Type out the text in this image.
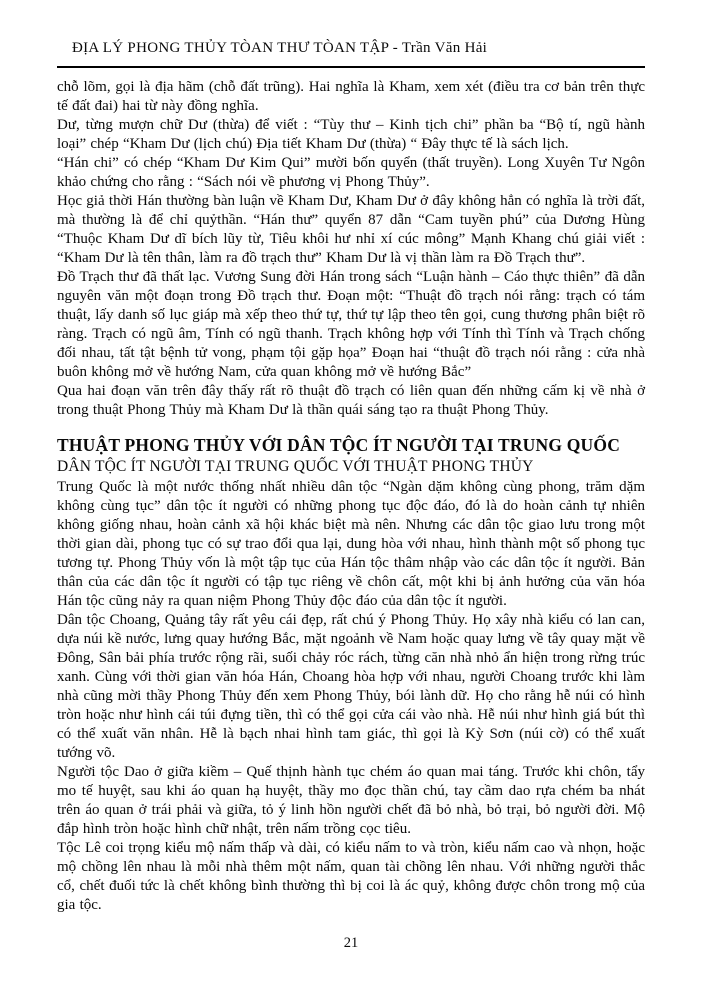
ĐỊA LÝ PHONG THỦY TÒAN THƯ TÒAN TẬP - Trần Văn Hải

chỗ lõm, gọi là địa hãm (chỗ đất trũng). Hai nghĩa là Kham, xem xét (điều tra cơ bản trên thực tế đất đai) hai từ này đồng nghĩa.

Dư, từng mượn chữ Dư (thừa) để viết : “Tùy thư – Kinh tịch chi” phần ba “Bộ tí, ngũ hành loại” chép “Kham Dư (lịch chú) Địa tiết Kham Dư (thừa) “ Đây thực tế là sách lịch.

“Hán chi” có chép “Kham Dư Kim Qui” mười bốn quyển (thất truyền). Long Xuyên Tư Ngôn khảo chứng cho rằng : “Sách nói về phương vị Phong Thủy”.

Học giả thời Hán thường bàn luận về Kham Dư, Kham Dư ở đây không hẳn có nghĩa là trời đất, mà thường là để chỉ quỷthần. “Hán thư” quyển 87 dẫn “Cam tuyền phú” của Dương Hùng “Thuộc Kham Dư dĩ bích lũy từ, Tiêu khôi hư nhỉ xí cúc mông” Mạnh Khang chú giải viết : “Kham Dư là tên thân, làm ra đồ trạch thư” Kham Dư là vị thần làm ra Đồ Trạch thư”.

Đồ Trạch thư đã thất lạc. Vương Sung đời Hán trong sách “Luận hành – Cáo thực thiên” đã dẫn nguyên văn một đoạn trong Đồ trạch thư. Đoạn một: “Thuật đồ trạch nói rằng: trạch có tám thuật, lấy danh số lục giáp mà xếp theo thứ tự, thứ tự lập theo tên gọi, cung thương phân biệt rõ ràng. Trạch có ngũ âm, Tính có ngũ thanh. Trạch không hợp với Tính thì Tính và Trạch chống đối nhau, tất tật bệnh tử vong, phạm tội gặp họa” Đoạn hai “thuật đồ trạch nói rằng : cửa nhà buôn không mở về hướng Nam, cửa quan không mở về hướng Bắc”

Qua hai đoạn văn trên đây thấy rất rõ thuật đồ trạch có liên quan đến những cấm kị về nhà ở trong thuật Phong Thủy mà Kham Dư là thần quái sáng tạo ra thuật Phong Thủy.

THUẬT PHONG THỦY VỚI DÂN TỘC ÍT NGƯỜI TẠI TRUNG QUỐC
DÂN TỘC ÍT NGƯỜI TẠI TRUNG QUỐC VỚI THUẬT PHONG THỦY

Trung Quốc là một nước thống nhất nhiều dân tộc “Ngàn dặm không cùng phong, trăm dặm không cùng tục” dân tộc ít người có những phong tục độc đáo, đó là do hoàn cảnh tự nhiên không giống nhau, hoàn cảnh xã hội khác biệt mà nên. Nhưng các dân tộc giao lưu trong một thời gian dài, phong tục có sự trao đổi qua lại, dung hòa với nhau, hình thành một số phong tục tương tự. Phong Thủy vốn là một tập tục của Hán tộc thâm nhập vào các dân tộc ít người. Bản thân của các dân tộc ít người có tập tục riêng về chôn cất, một khi bị ảnh hưởng của văn hóa Hán tộc cũng nảy ra quan niệm Phong Thủy độc đáo của dân tộc ít người.

Dân tộc Choang, Quảng tây rất yêu cái đẹp, rất chú ý Phong Thủy. Họ xây nhà kiểu có lan can, dựa núi kề nước, lưng quay hướng Bắc, mặt ngoảnh về Nam hoặc quay lưng về tây quay mặt về Đông, Sân bải phía trước rộng rãi, suối chảy róc rách, từng căn nhà nhỏ ẩn hiện trong rừng trúc xanh. Cùng với thời gian văn hóa Hán, Choang hòa hợp với nhau, người Choang trước khi làm nhà cũng mời thầy Phong Thủy đến xem Phong Thủy, bói lành dữ. Họ cho rằng hễ núi có hình tròn hoặc như hình cái túi đựng tiền, thì có thể gọi cửa cái vào nhà. Hễ núi như hình giá bút thì có thể xuất văn nhân. Hễ là bạch nhai hình tam giác, thì gọi là Kỳ Sơn (núi cờ) có thể xuất tướng võ.

Người tộc Dao ở giữa kiềm – Quế thịnh hành tục chém áo quan mai táng. Trước khi chôn, tẩy mo tế huyệt, sau khi áo quan hạ huyệt, thầy mo đọc thần chú, tay cầm dao rựa chém ba nhát trên áo quan ở trái phải và giữa, tỏ ý linh hồn người chết đã bỏ nhà, bỏ trại, bỏ người đời. Mộ đắp hình tròn hoặc hình chữ nhật, trên nấm trồng cọc tiêu.

Tộc Lê coi trọng kiểu mộ nấm thấp và dài, có kiểu nấm to và tròn, kiểu nấm cao và nhọn, hoặc mộ chồng lên nhau là mỗi nhà thêm một nấm, quan tài chồng lên nhau. Với những người thắc cổ, chết đuối tức là chết không bình thường thì bị coi là ác quỷ, không được chôn trong mộ của gia tộc.

21
